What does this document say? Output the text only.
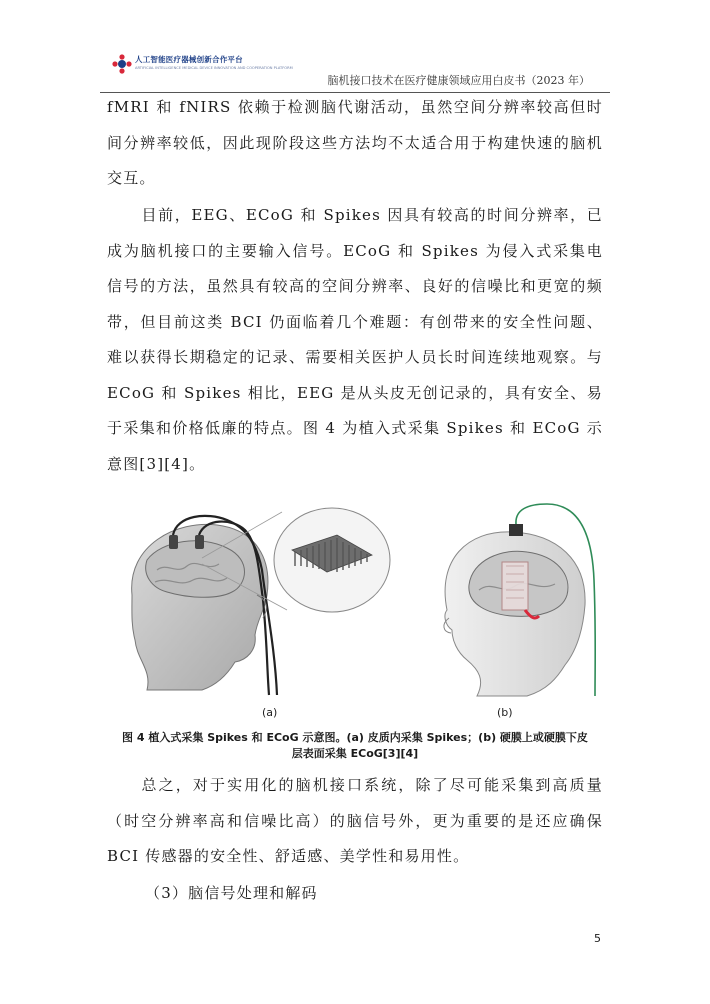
人工智能医疗器械创新合作平台
ARTIFICIAL INTELLIGENCE MEDICAL DEVICE INNOVATION AND COOPERATION PLATFORM
脑机接口技术在医疗健康领域应用白皮书（2023 年）

fMRI 和 fNIRS 依赖于检测脑代谢活动，虽然空间分辨率较高但时间分辨率较低，因此现阶段这些方法均不太适合用于构建快速的脑机交互。

目前，EEG、ECoG 和 Spikes 因具有较高的时间分辨率，已成为脑机接口的主要输入信号。ECoG 和 Spikes 为侵入式采集电信号的方法，虽然具有较高的空间分辨率、良好的信噪比和更宽的频带，但目前这类 BCI 仍面临着几个难题：有创带来的安全性问题、难以获得长期稳定的记录、需要相关医护人员长时间连续地观察。与 ECoG 和 Spikes 相比，EEG 是从头皮无创记录的，具有安全、易于采集和价格低廉的特点。图 4 为植入式采集 Spikes 和 ECoG 示意图[3][4]。

(a)	(b)

图 4 植入式采集 Spikes 和 ECoG 示意图。(a) 皮质内采集 Spikes；(b) 硬膜上或硬膜下皮层表面采集 ECoG[3][4]

总之，对于实用化的脑机接口系统，除了尽可能采集到高质量（时空分辨率高和信噪比高）的脑信号外，更为重要的是还应确保 BCI 传感器的安全性、舒适感、美学性和易用性。

（3）脑信号处理和解码

5
